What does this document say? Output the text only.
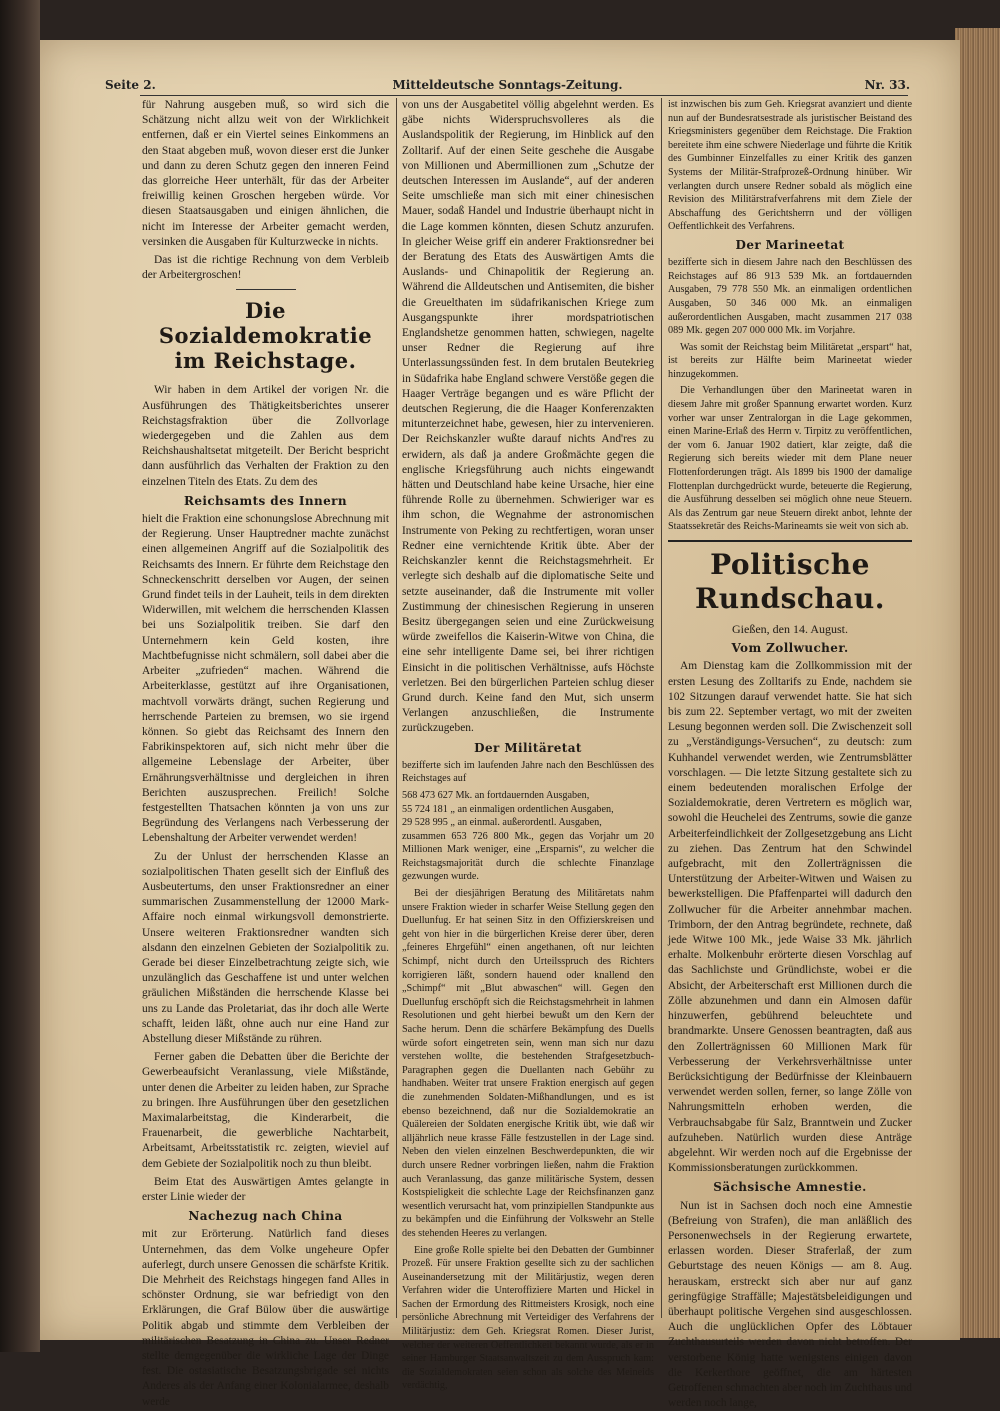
Seite 2.	Mitteldeutsche Sonntags-Zeitung.	Nr. 33.

für Nahrung ausgeben muß, so wird sich die Schätzung nicht allzu weit von der Wirklichkeit entfernen, daß er ein Viertel seines Einkommens an den Staat abgeben muß, wovon dieser erst die Junker und dann zu deren Schutz gegen den inneren Feind das glorreiche Heer unterhält, für das der Arbeiter freiwillig keinen Groschen hergeben würde. Vor diesen Staatsausgaben und einigen ähnlichen, die nicht im Interesse der Arbeiter gemacht werden, versinken die Ausgaben für Kulturzwecke in nichts.

Das ist die richtige Rechnung von dem Verbleib der Arbeitergroschen!

Die Sozialdemokratie im Reichstage.

Wir haben in dem Artikel der vorigen Nr. die Ausführungen des Thätigkeitsberichtes unserer Reichstagsfraktion über die Zollvorlage wiedergegeben und die Zahlen aus dem Reichshaushaltsetat mitgeteilt. Der Bericht bespricht dann ausführlich das Verhalten der Fraktion zu den einzelnen Titeln des Etats. Zu dem des

Reichsamts des Innern

hielt die Fraktion eine schonungslose Abrechnung mit der Regierung. Unser Hauptredner machte zunächst einen allgemeinen Angriff auf die Sozialpolitik des Reichsamts des Innern. Er führte dem Reichstage den Schneckenschritt derselben vor Augen, der seinen Grund findet teils in der Lauheit, teils in dem direkten Widerwillen, mit welchem die herrschenden Klassen bei uns Sozialpolitik treiben. Sie darf den Unternehmern kein Geld kosten, ihre Machtbefugnisse nicht schmälern, soll dabei aber die Arbeiter „zufrieden“ machen. Während die Arbeiterklasse, gestützt auf ihre Organisationen, machtvoll vorwärts drängt, suchen Regierung und herrschende Parteien zu bremsen, wo sie irgend können. So giebt das Reichsamt des Innern den Fabrikinspektoren auf, sich nicht mehr über die allgemeine Lebenslage der Arbeiter, über Ernährungsverhältnisse und dergleichen in ihren Berichten auszusprechen. Freilich! Solche festgestellten Thatsachen könnten ja von uns zur Begründung des Verlangens nach Verbesserung der Lebenshaltung der Arbeiter verwendet werden!

Zu der Unlust der herrschenden Klasse an sozialpolitischen Thaten gesellt sich der Einfluß des Ausbeutertums, den unser Fraktionsredner an einer summarischen Zusammenstellung der 12000 Mark-Affaire noch einmal wirkungsvoll demonstrierte. Unsere weiteren Fraktionsredner wandten sich alsdann den einzelnen Gebieten der Sozialpolitik zu. Gerade bei dieser Einzelbetrachtung zeigte sich, wie unzulänglich das Geschaffene ist und unter welchen gräulichen Mißständen die herrschende Klasse bei uns zu Lande das Proletariat, das ihr doch alle Werte schafft, leiden läßt, ohne auch nur eine Hand zur Abstellung dieser Mißstände zu rühren.

Ferner gaben die Debatten über die Berichte der Gewerbeaufsicht Veranlassung, viele Mißstände, unter denen die Arbeiter zu leiden haben, zur Sprache zu bringen. Ihre Ausführungen über den gesetzlichen Maximalarbeitstag, die Kinderarbeit, die Frauenarbeit, die gewerbliche Nachtarbeit, Arbeitsamt, Arbeitsstatistik rc. zeigten, wieviel auf dem Gebiete der Sozialpolitik noch zu thun bleibt.

Beim Etat des Auswärtigen Amtes gelangte in erster Linie wieder der

Nachezug nach China

mit zur Erörterung. Natürlich fand dieses Unternehmen, das dem Volke ungeheure Opfer auferlegt, durch unsere Genossen die schärfste Kritik. Die Mehrheit des Reichstags hingegen fand Alles in schönster Ordnung, sie war befriedigt von den Erklärungen, die Graf Bülow über die auswärtige Politik abgab und stimmte dem Verbleiben der militärischen Besatzung in China zu. Unser Redner stellte demgegenüber die wirkliche Lage der Dinge fest. Die ostasiatische Besatzungsbrigade sei nichts Anderes als der Anfang einer Kolonialarmee, deshalb werde

von uns der Ausgabetitel völlig abgelehnt werden. Es gäbe nichts Widerspruchsvolleres als die Auslandspolitik der Regierung, im Hinblick auf den Zolltarif. Auf der einen Seite geschehe die Ausgabe von Millionen und Abermillionen zum „Schutze der deutschen Interessen im Auslande“, auf der anderen Seite umschließe man sich mit einer chinesischen Mauer, sodaß Handel und Industrie überhaupt nicht in die Lage kommen könnten, diesen Schutz anzurufen. In gleicher Weise griff ein anderer Fraktionsredner bei der Beratung des Etats des Auswärtigen Amts die Auslands- und Chinapolitik der Regierung an. Während die Alldeutschen und Antisemiten, die bisher die Greuelthaten im südafrikanischen Kriege zum Ausgangspunkte ihrer mordspatriotischen Englandshetze genommen hatten, schwiegen, nagelte unser Redner die Regierung auf ihre Unterlassungssünden fest. In dem brutalen Beutekrieg in Südafrika habe England schwere Verstöße gegen die Haager Verträge begangen und es wäre Pflicht der deutschen Regierung, die die Haager Konferenzakten mitunterzeichnet habe, gewesen, hier zu intervenieren. Der Reichskanzler wußte darauf nichts And'res zu erwidern, als daß ja andere Großmächte gegen die englische Kriegsführung auch nichts eingewandt hätten und Deutschland habe keine Ursache, hier eine führende Rolle zu übernehmen. Schwieriger war es ihm schon, die Wegnahme der astronomischen Instrumente von Peking zu rechtfertigen, woran unser Redner eine vernichtende Kritik übte. Aber der Reichskanzler kennt die Reichstagsmehrheit. Er verlegte sich deshalb auf die diplomatische Seite und setzte auseinander, daß die Instrumente mit voller Zustimmung der chinesischen Regierung in unseren Besitz übergegangen seien und eine Zurückweisung würde zweifellos die Kaiserin-Witwe von China, die eine sehr intelligente Dame sei, bei ihrer richtigen Einsicht in die politischen Verhältnisse, aufs Höchste verletzen. Bei den bürgerlichen Parteien schlug dieser Grund durch. Keine fand den Mut, sich unserm Verlangen anzuschließen, die Instrumente zurückzugeben.

Der Militäretat

bezifferte sich im laufenden Jahre nach den Beschlüssen des Reichstages auf

568 473 627 Mk. an fortdauernden Ausgaben,
55 724 181 „ an einmaligen ordentlichen Ausgaben,
29 528 995 „ an einmal. außerordentl. Ausgaben,

zusammen 653 726 800 Mk., gegen das Vorjahr um 20 Millionen Mark weniger, eine „Ersparnis“, zu welcher die Reichstagsmajorität durch die schlechte Finanzlage gezwungen wurde.

Bei der diesjährigen Beratung des Militäretats nahm unsere Fraktion wieder in scharfer Weise Stellung gegen den Duellunfug. Er hat seinen Sitz in den Offizierskreisen und geht von hier in die bürgerlichen Kreise derer über, deren „feineres Ehrgefühl“ einen angethanen, oft nur leichten Schimpf, nicht durch den Urteilsspruch des Richters korrigieren läßt, sondern hauend oder knallend den „Schimpf“ mit „Blut abwaschen“ will. Gegen den Duellunfug erschöpft sich die Reichstagsmehrheit in lahmen Resolutionen und geht hierbei bewußt um den Kern der Sache herum. Denn die schärfere Bekämpfung des Duells würde sofort eingetreten sein, wenn man sich nur dazu verstehen wollte, die bestehenden Strafgesetzbuch-Paragraphen gegen die Duellanten nach Gebühr zu handhaben. Weiter trat unsere Fraktion energisch auf gegen die zunehmenden Soldaten-Mißhandlungen, und es ist ebenso bezeichnend, daß nur die Sozialdemokratie an Quälereien der Soldaten energische Kritik übt, wie daß wir alljährlich neue krasse Fälle festzustellen in der Lage sind. Neben den vielen einzelnen Beschwerdepunkten, die wir durch unsere Redner vorbringen ließen, nahm die Fraktion auch Veranlassung, das ganze militärische System, dessen Kostspieligkeit die schlechte Lage der Reichsfinanzen ganz wesentlich verursacht hat, vom prinzipiellen Standpunkte aus zu bekämpfen und die Einführung der Volkswehr an Stelle des stehenden Heeres zu verlangen.

Eine große Rolle spielte bei den Debatten der Gumbinner Prozeß. Für unsere Fraktion gesellte sich zu der sachlichen Auseinandersetzung mit der Militärjustiz, wegen deren Verfahren wider die Unteroffiziere Marten und Hickel in Sachen der Ermordung des Rittmeisters Krosigk, noch eine persönliche Abrechnung mit Verteidiger des Verfahrens der Militärjustiz: dem Geh. Kriegsrat Romen. Dieser Jurist, welcher der weiteren Oeffentlichkeit bekannt wurde, als er in seiner Hamburger Staatsanwaltszeit zu dem Ausspruch kam: die Sozialdemokraten seien schon als solche des Meineids verdächtig,

ist inzwischen bis zum Geh. Kriegsrat avanziert und diente nun auf der Bundesratsestrade als juristischer Beistand des Kriegsministers gegenüber dem Reichstage. Die Fraktion bereitete ihm eine schwere Niederlage und führte die Kritik des Gumbinner Einzelfalles zu einer Kritik des ganzen Systems der Militär-Strafprozeß-Ordnung hinüber. Wir verlangten durch unsere Redner sobald als möglich eine Revision des Militärstrafverfahrens mit dem Ziele der Abschaffung des Gerichtsherrn und der völligen Oeffentlichkeit des Verfahrens.

Der Marineetat

bezifferte sich in diesem Jahre nach den Beschlüssen des Reichstages auf 86 913 539 Mk. an fortdauernden Ausgaben, 79 778 550 Mk. an einmaligen ordentlichen Ausgaben, 50 346 000 Mk. an einmaligen außerordentlichen Ausgaben, macht zusammen 217 038 089 Mk. gegen 207 000 000 Mk. im Vorjahre.

Was somit der Reichstag beim Militäretat „erspart“ hat, ist bereits zur Hälfte beim Marineetat wieder hinzugekommen.

Die Verhandlungen über den Marineetat waren in diesem Jahre mit großer Spannung erwartet worden. Kurz vorher war unser Zentralorgan in die Lage gekommen, einen Marine-Erlaß des Herrn v. Tirpitz zu veröffentlichen, der vom 6. Januar 1902 datiert, klar zeigte, daß die Regierung sich bereits wieder mit dem Plane neuer Flottenforderungen trägt. Als 1899 bis 1900 der damalige Flottenplan durchgedrückt wurde, beteuerte die Regierung, die Ausführung desselben sei möglich ohne neue Steuern. Als das Zentrum gar neue Steuern direkt anbot, lehnte der Staatssekretär des Reichs-Marineamts sie weit von sich ab.

Politische Rundschau.
Gießen, den 14. August.
Vom Zollwucher.

Am Dienstag kam die Zollkommission mit der ersten Lesung des Zolltarifs zu Ende, nachdem sie 102 Sitzungen darauf verwendet hatte. Sie hat sich bis zum 22. September vertagt, wo mit der zweiten Lesung begonnen werden soll. Die Zwischenzeit soll zu „Verständigungs-Versuchen“, zu deutsch: zum Kuhhandel verwendet werden, wie Zentrumsblätter vorschlagen. — Die letzte Sitzung gestaltete sich zu einem bedeutenden moralischen Erfolge der Sozialdemokratie, deren Vertretern es möglich war, sowohl die Heuchelei des Zentrums, sowie die ganze Arbeiterfeindlichkeit der Zollgesetzgebung ans Licht zu ziehen. Das Zentrum hat den Schwindel aufgebracht, mit den Zollerträgnissen die Unterstützung der Arbeiter-Witwen und Waisen zu bewerkstelligen. Die Pfaffenpartei will dadurch den Zollwucher für die Arbeiter annehmbar machen. Trimborn, der den Antrag begründete, rechnete, daß jede Witwe 100 Mk., jede Waise 33 Mk. jährlich erhalte. Molkenbuhr erörterte diesen Vorschlag auf das Sachlichste und Gründlichste, wobei er die Absicht, der Arbeiterschaft erst Millionen durch die Zölle abzunehmen und dann ein Almosen dafür hinzuwerfen, gebührend beleuchtete und brandmarkte. Unsere Genossen beantragten, daß aus den Zollerträgnissen 60 Millionen Mark für Verbesserung der Verkehrsverhältnisse unter Berücksichtigung der Bedürfnisse der Kleinbauern verwendet werden sollen, ferner, so lange Zölle von Nahrungsmitteln erhoben werden, die Verbrauchsabgabe für Salz, Branntwein und Zucker aufzuheben. Natürlich wurden diese Anträge abgelehnt. Wir werden noch auf die Ergebnisse der Kommissionsberatungen zurückkommen.

Sächsische Amnestie.

Nun ist in Sachsen doch noch eine Amnestie (Befreiung von Strafen), die man anläßlich des Personenwechsels in der Regierung erwartete, erlassen worden. Dieser Straferlaß, der zum Geburtstage des neuen Königs — am 8. Aug. herauskam, erstreckt sich aber nur auf ganz geringfügige Straffälle; Majestätsbeleidigungen und überhaupt politische Vergehen sind ausgeschlossen. Auch die unglücklichen Opfer des Löbtauer Zuchthausurteils werden davon nicht betroffen. Der verstorbene König hatte wenigstens einigen davon die Kerkerthore geöffnet, die am härtesten Getroffenen schmachten aber noch im Zuchthaus und werden noch lange,
